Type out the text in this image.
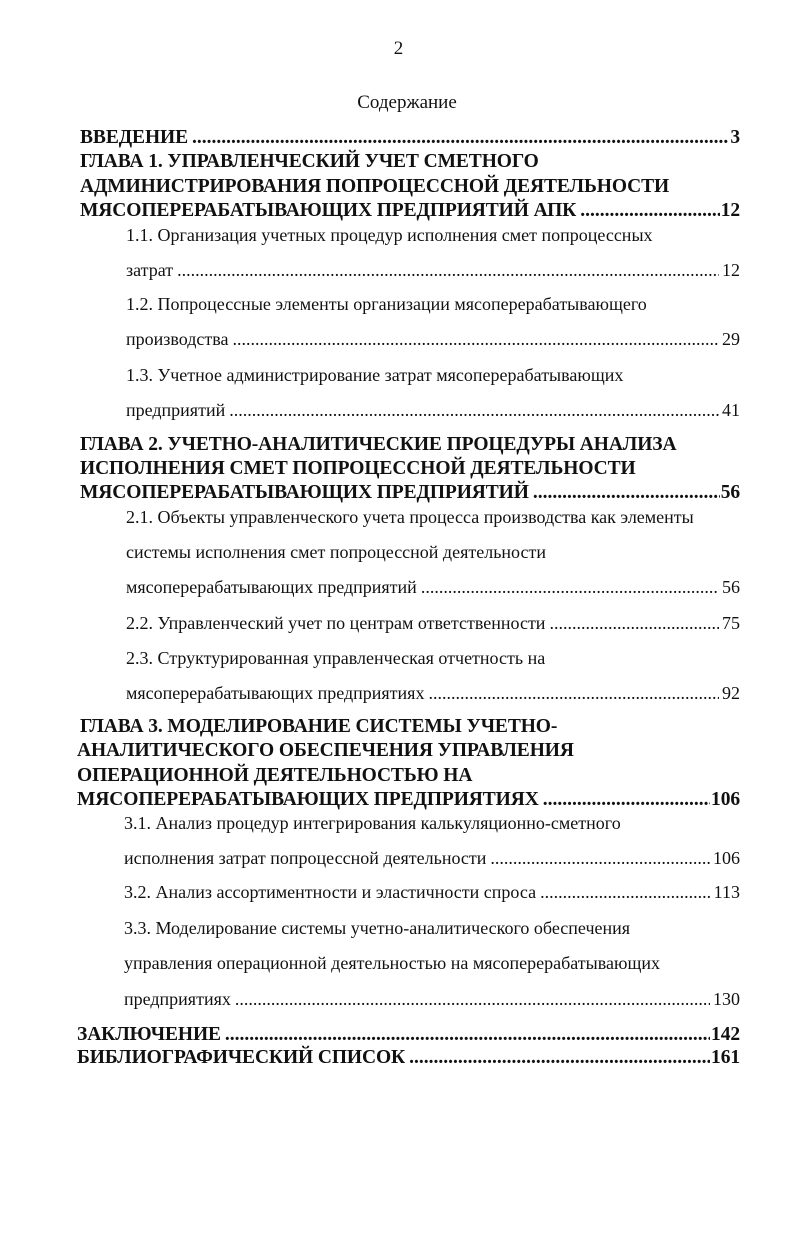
2
Содержание
ВВЕДЕНИЕ .....	3
ГЛАВА 1. УПРАВЛЕНЧЕСКИЙ УЧЕТ СМЕТНОГО
АДМИНИСТРИРОВАНИЯ ПОПРОЦЕССНОЙ ДЕЯТЕЛЬНОСТИ
МЯСОПЕРЕРАБАТЫВАЮЩИХ ПРЕДПРИЯТИЙ АПК .....	12
1.1. Организация учетных процедур исполнения смет попроцессных
затрат .....	12
1.2. Попроцессные элементы организации мясоперерабатывающего
производства .....	29
1.3. Учетное администрирование затрат мясоперерабатывающих
предприятий .....	41
ГЛАВА 2. УЧЕТНО-АНАЛИТИЧЕСКИЕ ПРОЦЕДУРЫ АНАЛИЗА
ИСПОЛНЕНИЯ СМЕТ ПОПРОЦЕССНОЙ ДЕЯТЕЛЬНОСТИ
МЯСОПЕРЕРАБАТЫВАЮЩИХ ПРЕДПРИЯТИЙ .....	56
2.1. Объекты управленческого учета процесса производства как элементы
системы исполнения смет попроцессной деятельности
мясоперерабатывающих предприятий .....	56
2.2. Управленческий учет по центрам ответственности .....	75
2.3. Структурированная управленческая отчетность на
мясоперерабатывающих предприятиях .....	92
ГЛАВА 3. МОДЕЛИРОВАНИЕ СИСТЕМЫ УЧЕТНО-
АНАЛИТИЧЕСКОГО ОБЕСПЕЧЕНИЯ УПРАВЛЕНИЯ
ОПЕРАЦИОННОЙ ДЕЯТЕЛЬНОСТЬЮ НА
МЯСОПЕРЕРАБАТЫВАЮЩИХ ПРЕДПРИЯТИЯХ .....	106
3.1. Анализ процедур интегрирования калькуляционно-сметного
исполнения затрат попроцессной деятельности .....	106
3.2. Анализ ассортиментности и эластичности спроса .....	113
3.3. Моделирование системы учетно-аналитического обеспечения
управления операционной деятельностью на мясоперерабатывающих
предприятиях .....	130
ЗАКЛЮЧЕНИЕ .....	142
БИБЛИОГРАФИЧЕСКИЙ СПИСОК .....	161
